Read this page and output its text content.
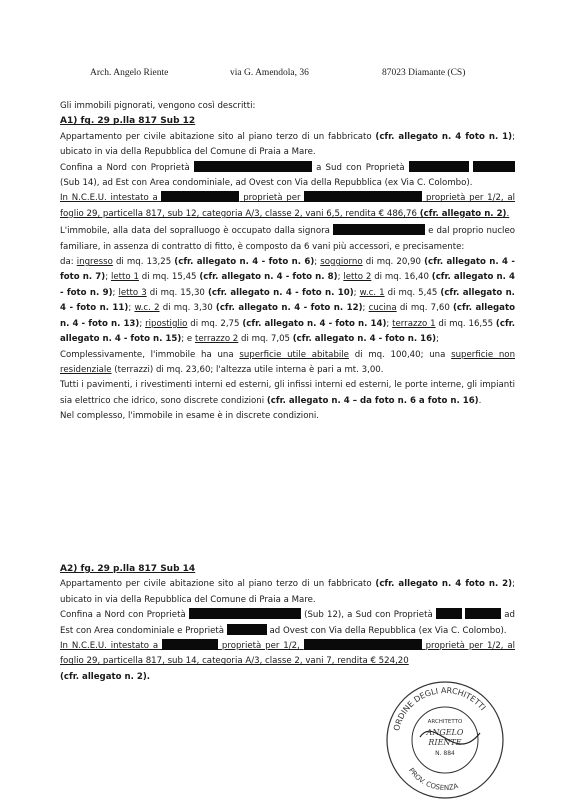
Arch. Angelo Riente	via G. Amendola, 36	87023 Diamante (CS)

Gli immobili pignorati, vengono così descritti:

A1) fg. 29 p.lla 817 Sub 12

Appartamento per civile abitazione sito al piano terzo di un fabbricato (cfr. allegato n. 4 foto n. 1); ubicato in via della Repubblica del Comune di Praia a Mare.

Confina a Nord con Proprietà	a Sud con Proprietà   (Sub 14), ad Est con Area condominiale, ad Ovest con Via della Repubblica (ex Via C. Colombo).

In N.C.E.U. intestato a	proprietà per	proprietà per 1/2, al foglio 29, particella 817, sub 12, categoria A/3, classe 2, vani 6,5, rendita € 486,76 (cfr. allegato n. 2).

L'immobile, alla data del sopralluogo è occupato dalla signora	e dal proprio nucleo familiare, in assenza di contratto di fitto, è composto da 6 vani più accessori, e precisamente:

da: ingresso di mq. 13,25 (cfr. allegato n. 4 - foto n. 6); soggiorno di mq. 20,90 (cfr. allegato n. 4 - foto n. 7); letto 1 di mq. 15,45 (cfr. allegato n. 4 - foto n. 8); letto 2 di mq. 16,40 (cfr. allegato n. 4 - foto n. 9); letto 3 di mq. 15,30 (cfr. allegato n. 4 - foto n. 10); w.c. 1 di mq. 5,45 (cfr. allegato n. 4 - foto n. 11); w.c. 2 di mq. 3,30 (cfr. allegato n. 4 - foto n. 12); cucina di mq. 7,60 (cfr. allegato n. 4 - foto n. 13); ripostiglio di mq. 2,75 (cfr. allegato n. 4 - foto n. 14); terrazzo 1 di mq. 16,55 (cfr. allegato n. 4 - foto n. 15); e terrazzo 2 di mq. 7,05 (cfr. allegato n. 4 - foto n. 16);

Complessivamente, l'immobile ha una superficie utile abitabile di mq. 100,40; una superficie non residenziale (terrazzi) di mq. 23,60; l'altezza utile interna è pari a mt. 3,00.

Tutti i pavimenti, i rivestimenti interni ed esterni, gli infissi interni ed esterni, le porte interne, gli impianti sia elettrico che idrico, sono discrete condizioni (cfr. allegato n. 4 – da foto n. 6 a foto n. 16).

Nel complesso, l'immobile in esame è in discrete condizioni.

A2) fg. 29 p.lla 817 Sub 14

Appartamento per civile abitazione sito al piano terzo di un fabbricato (cfr. allegato n. 4 foto n. 2); ubicato in via della Repubblica del Comune di Praia a Mare.

Confina a Nord con Proprietà	(Sub 12), a Sud con Proprietà	ad Est con Area condominiale e Proprietà	ad Ovest con Via della Repubblica (ex Via C. Colombo).

In N.C.E.U. intestato a	proprietà per 1/2,	proprietà per 1/2, al foglio 29, particella 817, sub 14, categoria A/3, classe 2, vani 7, rendita € 524,20

(cfr. allegato n. 2).

ORDINE DEGLI ARCHITETTI
PROV. COSENZA
ARCHITETTO
ANGELO
RIENTE
N. 884
